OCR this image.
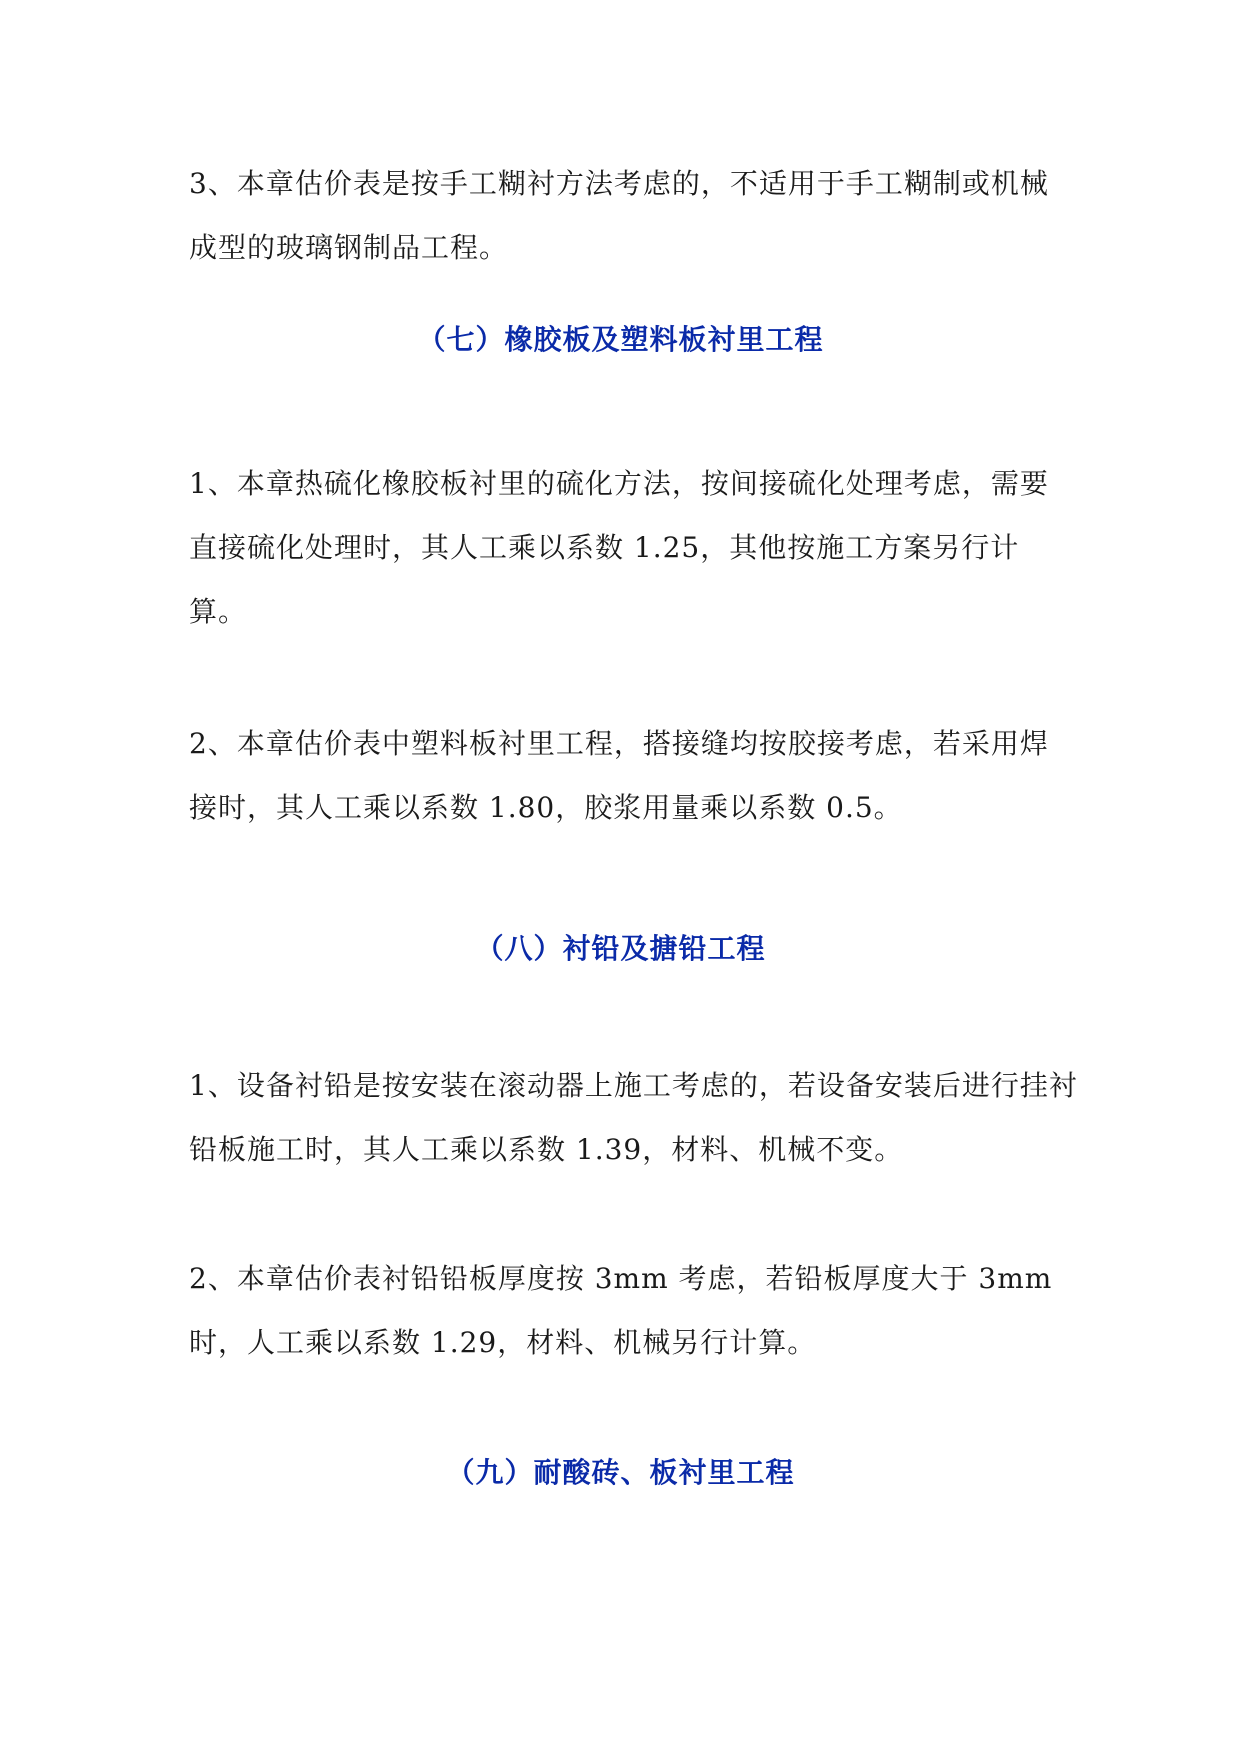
3、本章估价表是按手工糊衬方法考虑的，不适用于手工糊制或机械成型的玻璃钢制品工程。

（七）橡胶板及塑料板衬里工程

1、本章热硫化橡胶板衬里的硫化方法，按间接硫化处理考虑，需要直接硫化处理时，其人工乘以系数 1.25，其他按施工方案另行计算。

2、本章估价表中塑料板衬里工程，搭接缝均按胶接考虑，若采用焊接时，其人工乘以系数 1.80，胶浆用量乘以系数 0.5。

（八）衬铅及搪铅工程

1、设备衬铅是按安装在滚动器上施工考虑的，若设备安装后进行挂衬铅板施工时，其人工乘以系数 1.39，材料、机械不变。

2、本章估价表衬铅铅板厚度按 3mm 考虑，若铅板厚度大于 3mm 时，人工乘以系数 1.29，材料、机械另行计算。

（九）耐酸砖、板衬里工程
